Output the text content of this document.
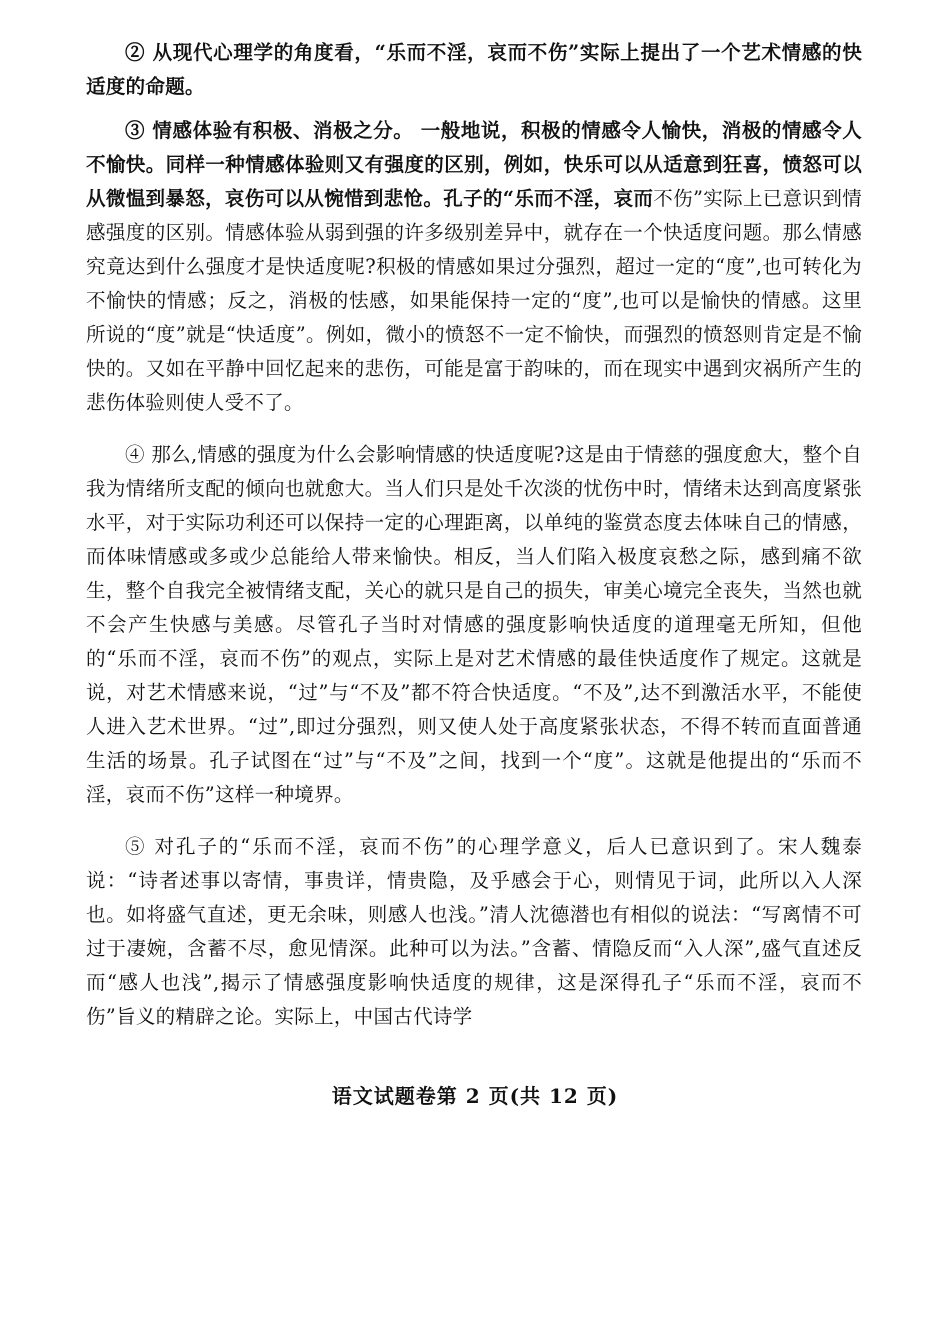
② 从现代心理学的角度看，“乐而不淫，哀而不伤”实际上提出了一个艺术情感的快适度的命题。

③ 情感体验有积极、消极之分。 一般地说，积极的情感令人愉快，消极的情感令人不愉快。同样一种情感体验则又有强度的区别，例如，快乐可以从适意到狂喜，愤怒可以从微愠到暴怒，哀伤可以从惋惜到悲怆。孔子的“乐而不淫，哀而不伤”实际上已意识到情感强度的区别。情感体验从弱到强的许多级别差异中，就存在一个快适度问题。那么情感究竟达到什么强度才是快适度呢?积极的情感如果过分强烈，超过一定的“度”,也可转化为不愉快的情感；反之，消极的怯感，如果能保持一定的“度”,也可以是愉快的情感。这里所说的“度”就是“快适度”。例如，微小的愤怒不一定不愉快，而强烈的愤怒则肯定是不愉快的。又如在平静中回忆起来的悲伤，可能是富于韵味的，而在现实中遇到灾祸所产生的悲伤体验则使人受不了。

④ 那么,情感的强度为什么会影响情感的快适度呢?这是由于情慈的强度愈大，整个自我为情绪所支配的倾向也就愈大。当人们只是处千次淡的忧伤中时，情绪未达到高度紧张水平，对于实际功利还可以保持一定的心理距离，以单纯的鉴赏态度去体味自己的情感，而体味情感或多或少总能给人带来愉快。相反，当人们陷入极度哀愁之际，感到痛不欲生，整个自我完全被情绪支配，关心的就只是自己的损失，审美心境完全丧失，当然也就不会产生快感与美感。尽管孔子当时对情感的强度影响快适度的道理毫无所知，但他的“乐而不淫，哀而不伤”的观点，实际上是对艺术情感的最佳快适度作了规定。这就是说，对艺术情感来说，“过”与“不及”都不符合快适度。“不及”,达不到激活水平，不能使人进入艺术世界。“过”,即过分强烈，则又使人处于高度紧张状态，不得不转而直面普通生活的场景。孔子试图在“过”与“不及”之间，找到一个“度”。这就是他提出的“乐而不淫，哀而不伤”这样一种境界。

⑤ 对孔子的“乐而不淫，哀而不伤”的心理学意义，后人已意识到了。宋人魏泰说：“诗者述事以寄情，事贵详，情贵隐，及乎感会于心，则情见于词，此所以入人深也。如将盛气直述，更无余味，则感人也浅。”清人沈德潜也有相似的说法：“写离情不可过于凄婉，含蓄不尽，愈见情深。此种可以为法。”含蓄、情隐反而“入人深”,盛气直述反而“感人也浅”,揭示了情感强度影响快适度的规律，这是深得孔子“乐而不淫，哀而不伤”旨义的精辟之论。实际上，中国古代诗学

语文试题卷第 2 页(共 12 页)
